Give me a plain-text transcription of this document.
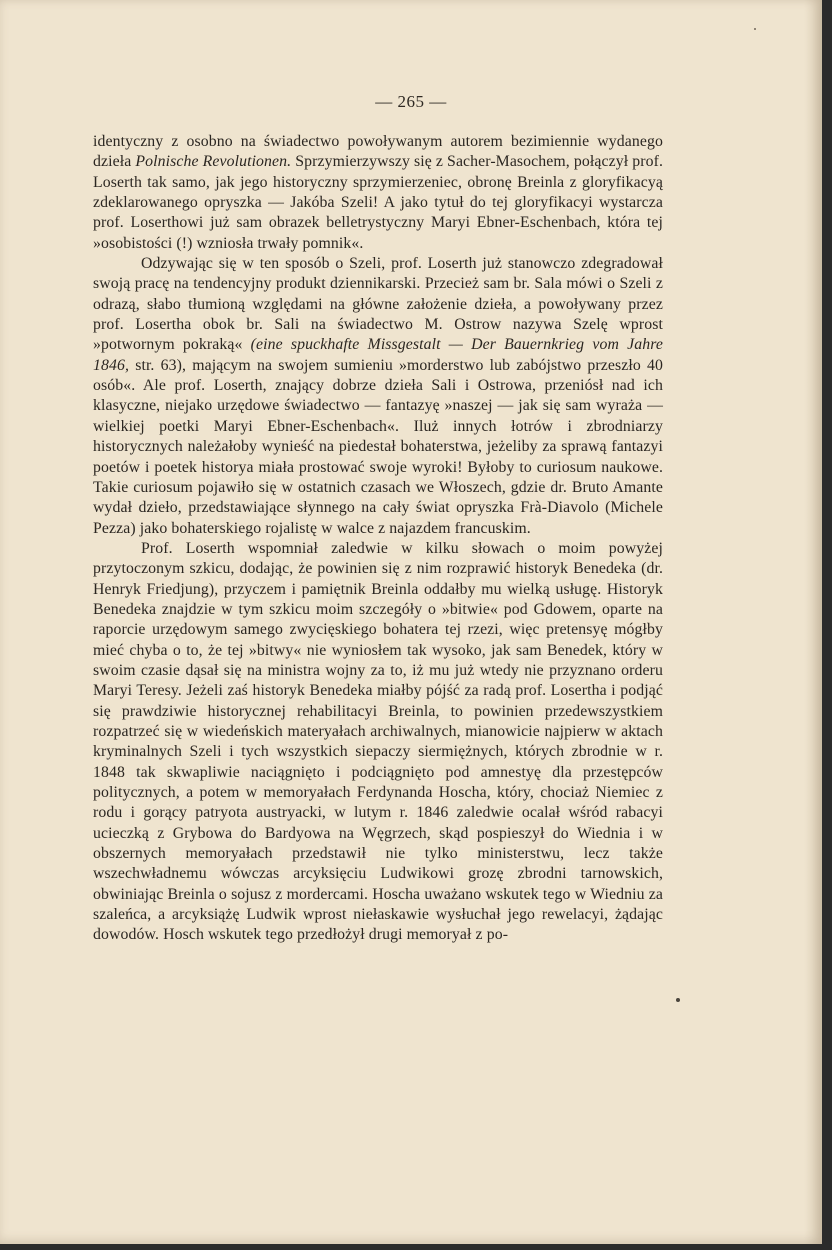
— 265 —

identyczny z osobno na świadectwo powoływanym autorem bezimiennie wydanego dzieła Polnische Revolutionen. Sprzymierzywszy się z Sacher-Masochem, połączył prof. Loserth tak samo, jak jego historyczny sprzymierzeniec, obronę Breinla z gloryfikacyą zdeklarowanego opryszka — Jakóba Szeli! A jako tytuł do tej gloryfikacyi wystarcza prof. Loserthowi już sam obrazek belletrystyczny Maryi Ebner-Eschenbach, która tej »osobistości (!) wzniosła trwały pomnik«.

Odzywając się w ten sposób o Szeli, prof. Loserth już stanowczo zdegradował swoją pracę na tendencyjny produkt dziennikarski. Przecież sam br. Sala mówi o Szeli z odrazą, słabo tłumioną względami na główne założenie dzieła, a powoływany przez prof. Losertha obok br. Sali na świadectwo M. Ostrow nazywa Szelę wprost »potwornym pokraką« (eine spuckhafte Missgestalt — Der Bauernkrieg vom Jahre 1846, str. 63), mającym na swojem sumieniu »morderstwo lub zabójstwo przeszło 40 osób«. Ale prof. Loserth, znający dobrze dzieła Sali i Ostrowa, przeniósł nad ich klasyczne, niejako urzędowe świadectwo — fantazyę »naszej — jak się sam wyraża — wielkiej poetki Maryi Ebner-Eschenbach«. Iluż innych łotrów i zbrodniarzy historycznych należałoby wynieść na piedestał bohaterstwa, jeżeliby za sprawą fantazyi poetów i poetek historya miała prostować swoje wyroki! Byłoby to curiosum naukowe. Takie curiosum pojawiło się w ostatnich czasach we Włoszech, gdzie dr. Bruto Amante wydał dzieło, przedstawiające słynnego na cały świat opryszka Frà-Diavolo (Michele Pezza) jako bohaterskiego rojalistę w walce z najazdem francuskim.

Prof. Loserth wspomniał zaledwie w kilku słowach o moim powyżej przytoczonym szkicu, dodając, że powinien się z nim rozprawić historyk Benedeka (dr. Henryk Friedjung), przyczem i pamiętnik Breinla oddałby mu wielką usługę. Historyk Benedeka znajdzie w tym szkicu moim szczegóły o »bitwie« pod Gdowem, oparte na raporcie urzędowym samego zwycięskiego bohatera tej rzezi, więc pretensyę mógłby mieć chyba o to, że tej »bitwy« nie wyniosłem tak wysoko, jak sam Benedek, który w swoim czasie dąsał się na ministra wojny za to, iż mu już wtedy nie przyznano orderu Maryi Teresy. Jeżeli zaś historyk Benedeka miałby pójść za radą prof. Losertha i podjąć się prawdziwie historycznej rehabilitacyi Breinla, to powinien przedewszystkiem rozpatrzeć się w wiedeńskich materyałach archiwalnych, mianowicie najpierw w aktach kryminalnych Szeli i tych wszystkich siepaczy siermiężnych, których zbrodnie w r. 1848 tak skwapliwie naciągnięto i podciągnięto pod amnestyę dla przestępców politycznych, a potem w memoryałach Ferdynanda Hoscha, który, chociaż Niemiec z rodu i gorący patryota austryacki, w lutym r. 1846 zaledwie ocalał wśród rabacyi ucieczką z Grybowa do Bardyowa na Węgrzech, skąd pospieszył do Wiednia i w obszernych memoryałach przedstawił nie tylko ministerstwu, lecz także wszechwładnemu wówczas arcyksięciu Ludwikowi grozę zbrodni tarnowskich, obwiniając Breinla o sojusz z mordercami. Hoscha uważano wskutek tego w Wiedniu za szaleńca, a arcyksiążę Ludwik wprost niełaskawie wysłuchał jego rewelacyi, żądając dowodów. Hosch wskutek tego przedłożył drugi memoryał z po-
